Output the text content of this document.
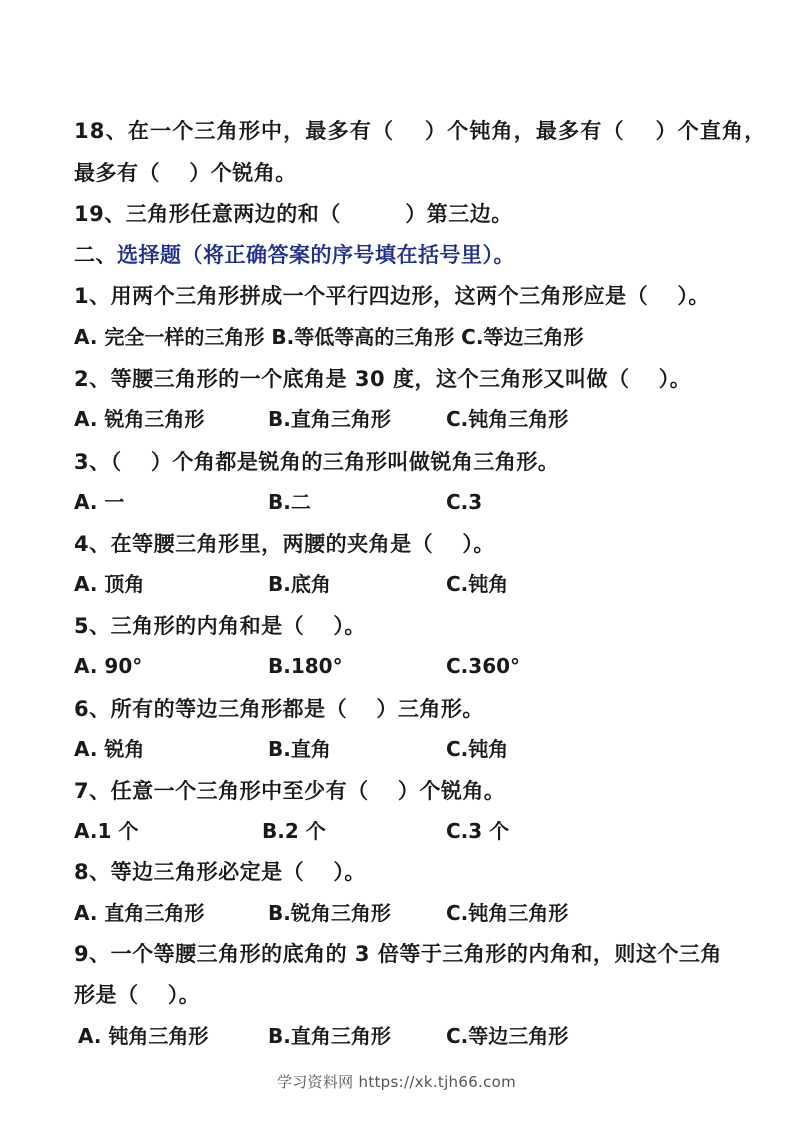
18、在一个三角形中，最多有（　 ）个钝角，最多有（　 ）个直角，
最多有（　 ）个锐角。
19、三角形任意两边的和（　　　）第三边。
二、选择题（将正确答案的序号填在括号里）。
1、用两个三角形拼成一个平行四边形，这两个三角形应是（　 ）。
A. 完全一样的三角形 B.等低等高的三角形 C.等边三角形
2、等腰三角形的一个底角是 30 度，这个三角形又叫做（　 ）。
A. 锐角三角形	B.直角三角形	C.钝角三角形
3、（　 ）个角都是锐角的三角形叫做锐角三角形。
A. 一	B.二	C.3
4、在等腰三角形里，两腰的夹角是（　 ）。
A. 顶角	B.底角	C.钝角
5、三角形的内角和是（　 ）。
A. 90°	B.180°	C.360°
6、所有的等边三角形都是（　 ）三角形。
A. 锐角	B.直角	C.钝角
7、任意一个三角形中至少有（　 ）个锐角。
A.1 个	B.2 个	C.3 个
8、等边三角形必定是（　 ）。
A. 直角三角形	B.锐角三角形	C.钝角三角形
9、一个等腰三角形的底角的 3 倍等于三角形的内角和，则这个三角
形是（　 ）。
A. 钝角三角形	B.直角三角形	C.等边三角形
学习资料网 https://xk.tjh66.com
